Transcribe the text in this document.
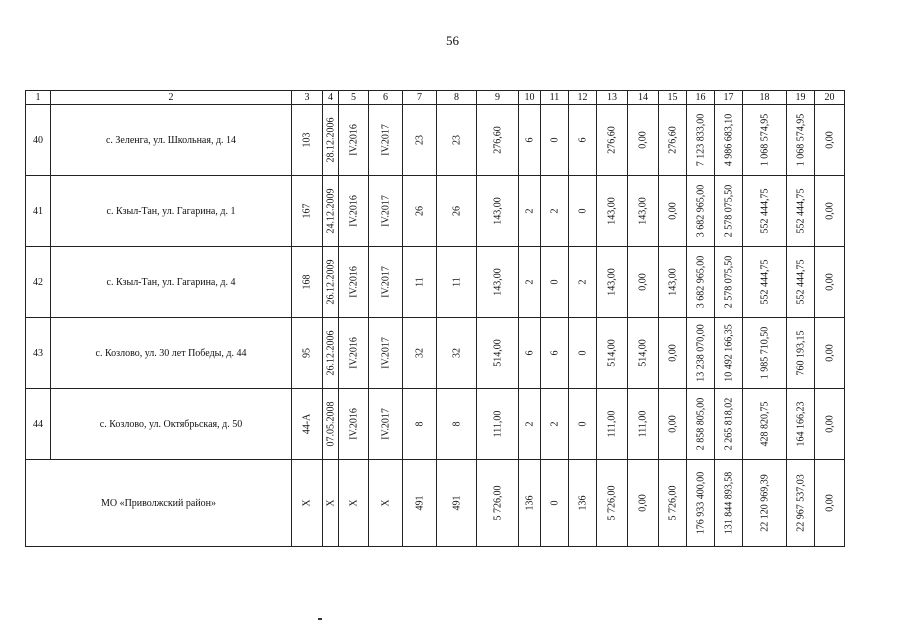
56
1	2	3	4	5	6	7	8	9	10	11	12	13	14	15	16	17	18	19	20
40	с. Зеленга, ул. Школьная, д. 14	103	28.12.2006	IV.2016	IV.2017	23	23	276,60	6	0	6	276,60	0,00	276,60	7 123 833,00	4 986 683,10	1 068 574,95	1 068 574,95	0,00

41	с. Кзыл-Тан, ул. Гагарина, д. 1	167	24.12.2009	IV.2016	IV.2017	26	26	143,00	2	2	0	143,00	143,00	0,00	3 682 965,00	2 578 075,50	552 444,75	552 444,75	0,00

42	с. Кзыл-Тан, ул. Гагарина, д. 4	168	26.12.2009	IV.2016	IV.2017	11	11	143,00	2	0	2	143,00	0,00	143,00	3 682 965,00	2 578 075,50	552 444,75	552 444,75	0,00

43	с. Козлово, ул. 30 лет Победы, д. 44	95	26.12.2006	IV.2016	IV.2017	32	32	514,00	6	6	0	514,00	514,00	0,00	13 238 070,00	10 492 166,35	1 985 710,50	760 193,15	0,00

44	с. Козлово, ул. Октябрьская, д. 50	44-А	07.05.2008	IV.2016	IV.2017	8	8	111,00	2	2	0	111,00	111,00	0,00	2 858 805,00	2 265 818,02	428 820,75	164 166,23	0,00

МО «Приволжский район»		Х	Х	Х	Х	491	491	5 726,00	136	0	136	5 726,00	0,00	5 726,00	176 933 400,00	131 844 893,58	22 120 969,39	22 967 537,03	0,00
